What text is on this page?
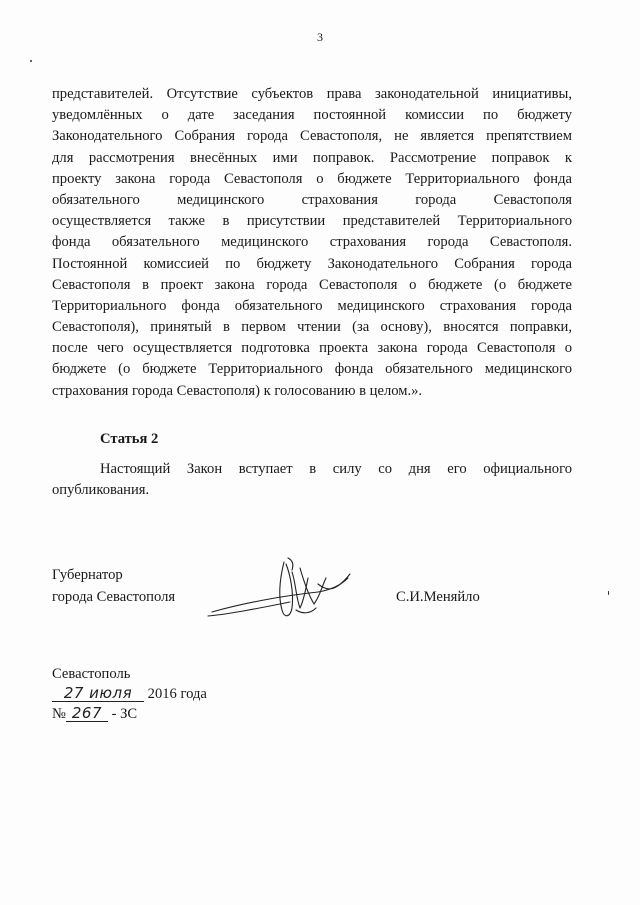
3
представителей. Отсутствие субъектов права законодательной инициативы,
уведомлённых о дате заседания постоянной комиссии по бюджету
Законодательного Собрания города Севастополя, не является препятствием
для рассмотрения внесённых ими поправок. Рассмотрение поправок к
проекту закона города Севастополя о бюджете Территориального фонда
обязательного медицинского страхования города Севастополя
осуществляется также в присутствии представителей Территориального
фонда обязательного медицинского страхования города Севастополя.
Постоянной комиссией по бюджету Законодательного Собрания города
Севастополя в проект закона города Севастополя о бюджете (о бюджете
Территориального фонда обязательного медицинского страхования города
Севастополя), принятый в первом чтении (за основу), вносятся поправки,
после чего осуществляется подготовка проекта закона города Севастополя о
бюджете (о бюджете Территориального фонда обязательного медицинского
страхования города Севастополя) к голосованию в целом.».
Статья 2
Настоящий Закон вступает в силу со дня его официального
опубликования.
Губернатор
города Севастополя	С.И.Меняйло
Севастополь
27 июля 2016 года
№ 267 - ЗС
